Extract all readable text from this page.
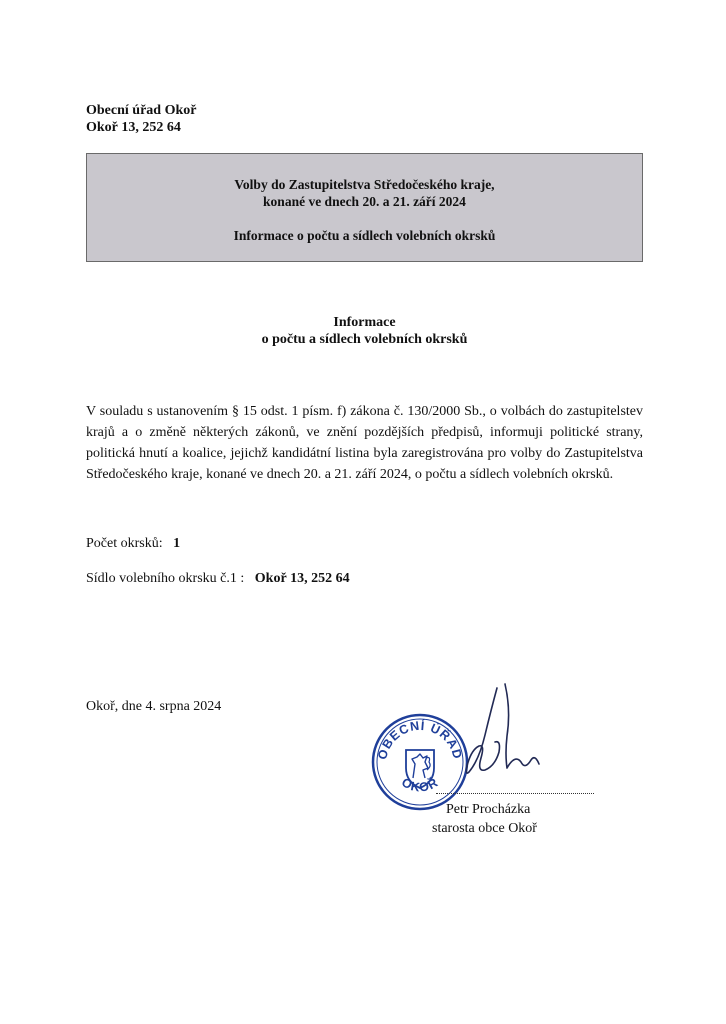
Obecní úřad Okoř
Okoř 13, 252 64
Volby do Zastupitelstva Středočeského kraje,
konané ve dnech 20. a 21. září 2024
Informace o počtu a sídlech volebních okrsků
Informace
o počtu a sídlech volebních okrsků
V souladu s ustanovením § 15 odst. 1 písm. f) zákona č. 130/2000 Sb., o volbách do zastupitelstev krajů a o změně některých zákonů, ve znění pozdějších předpisů, informuji politické strany, politická hnutí a koalice, jejichž kandidátní listina byla zaregistrována pro volby do Zastupitelstva Středočeského kraje, konané ve dnech 20. a 21. září 2024, o počtu a sídlech volebních okrsků.
Počet okrsků: 1
Sídlo volebního okrsku č.1 : Okoř 13, 252 64
Okoř, dne 4. srpna 2024
OBECNÍ ÚŘAD
OKOŘ
Petr Procházka
starosta obce Okoř
